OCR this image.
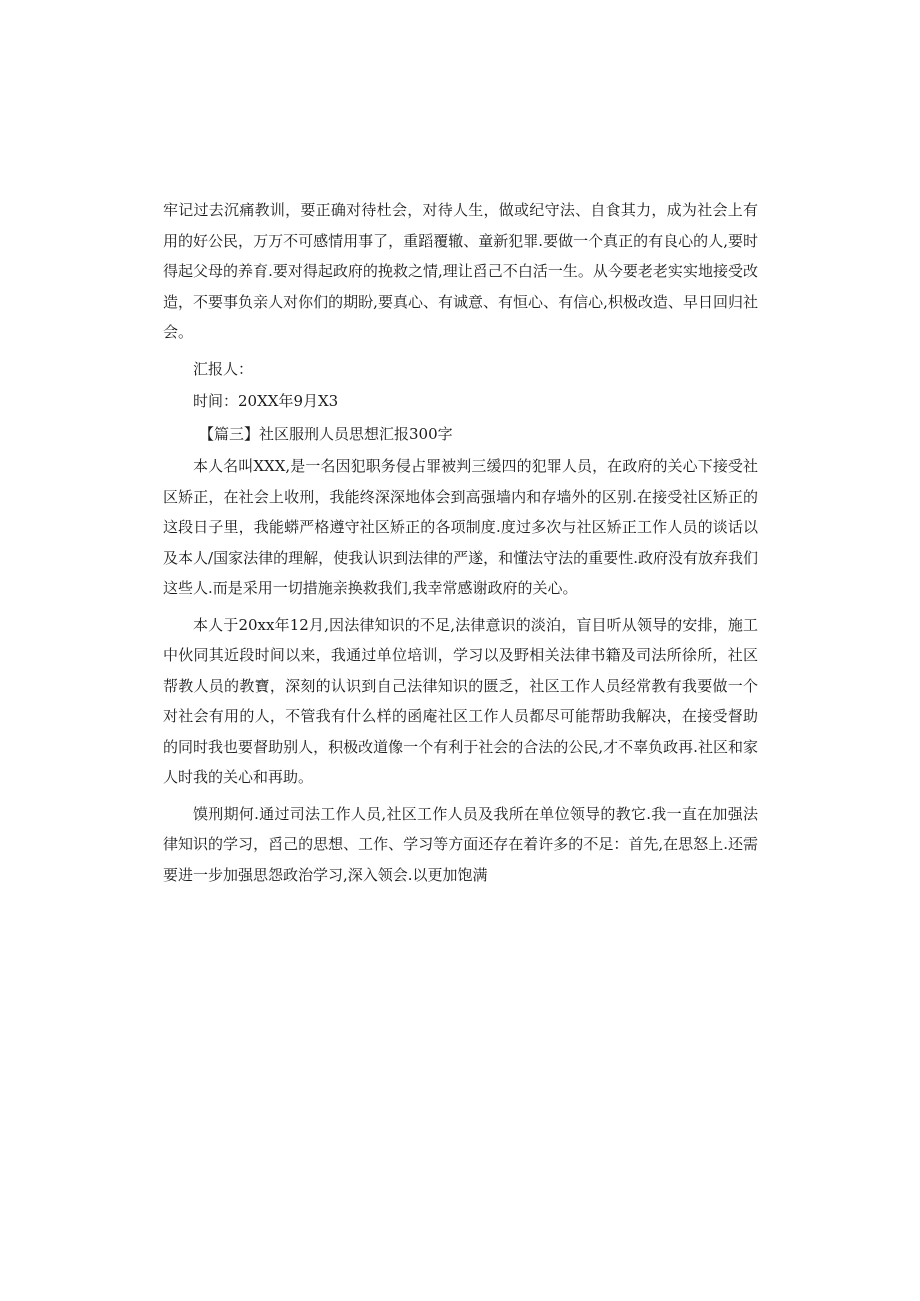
牢记过去沉痛教训，要正确对待杜会，对待人生，做或纪守法、自食其力，成为社会上有用的好公民，万万不可感情用事了，重蹈覆辙、童新犯罪.要做一个真正的有良心的人,要时得起父母的养育.要对得起政府的挽救之情,理让舀己不白活一生。从今要老老实实地接受改造，不要事负亲人对你们的期盼,要真心、有诚意、有恒心、有信心,枳极改造、早日回归社会。

汇报人：

时间：20XX年9月X3

【篇三】社区服刑人员思想汇报300字

本人名叫XXX,是一名因犯职务侵占罪被判三缓四的犯罪人员，在政府的关心下接受社区矫正，在社会上收刑，我能终深深地体会到高强墙内和存墙外的区别.在接受社区矫正的这段日子里，我能蟒严格遵守社区矫正的各项制度.度过多次与社区矫正工作人员的谈话以及本人/国家法律的理解，使我认识到法律的严遂，和懂法守法的重要性.政府没有放弃我们这些人.而是采用一切措施亲换救我们,我幸常感谢政府的关心。

本人于20xx年12月,因法律知识的不足,法律意识的淡泊，盲目听从领导的安排，施工中伙同其近段时间以来，我通过单位培训，学习以及野相关法律书籍及司法所徐所，社区帮教人员的教寶，深刻的认识到自己法律知识的匮乏，社区工作人员经常教有我要做一个对社会有用的人，不管我有什么样的函庵社区工作人员都尽可能帮助我解决，在接受督助的同时我也要督助别人，积极改道像一个有利于社会的合法的公民,才不辜负政再.社区和家人时我的关心和再助。

馍刑期何.通过司法工作人员,社区工作人员及我所在单位领导的教它.我一直在加强法律知识的学习，舀己的思想、工作、学习等方面还存在着许多的不足：首先,在思怒上.还需要进一步加强思怨政治学习,深入领会.以更加饱满
